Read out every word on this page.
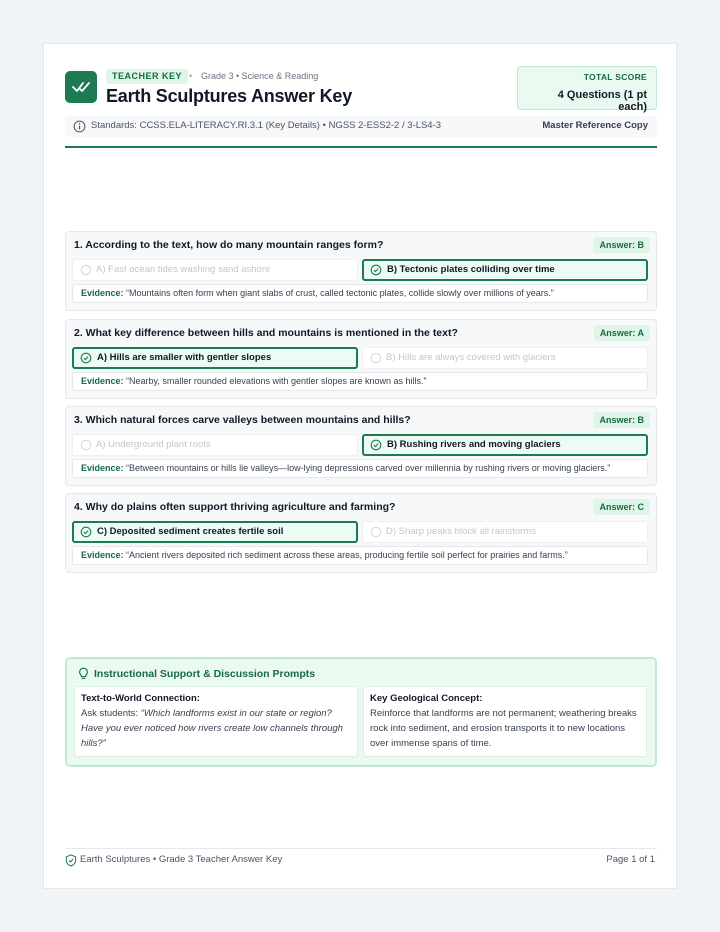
TEACHER KEY • Grade 3 • Science & Reading
Earth Sculptures Answer Key
TOTAL SCORE
4 Questions (1 pt each)
Standards: CCSS.ELA-LITERACY.RI.3.1 (Key Details) • NGSS 2-ESS2-2 / 3-LS4-3	Master Reference Copy
1. According to the text, how do many mountain ranges form?	Answer: B
A) Fast ocean tides washing sand ashore	B) Tectonic plates colliding over time
Evidence: “Mountains often form when giant slabs of crust, called tectonic plates, collide slowly over millions of years.”
2. What key difference between hills and mountains is mentioned in the text?	Answer: A
A) Hills are smaller with gentler slopes	B) Hills are always covered with glaciers
Evidence: “Nearby, smaller rounded elevations with gentler slopes are known as hills.”
3. Which natural forces carve valleys between mountains and hills?	Answer: B
A) Underground plant roots	B) Rushing rivers and moving glaciers
Evidence: “Between mountains or hills lie valleys—low-lying depressions carved over millennia by rushing rivers or moving glaciers.”
4. Why do plains often support thriving agriculture and farming?	Answer: C
C) Deposited sediment creates fertile soil	D) Sharp peaks block all rainstorms
Evidence: “Ancient rivers deposited rich sediment across these areas, producing fertile soil perfect for prairies and farms.”
Instructional Support & Discussion Prompts
Text-to-World Connection:
Ask students: “Which landforms exist in our state or region? Have you ever noticed how rivers create low channels through hills?”
Key Geological Concept:
Reinforce that landforms are not permanent; weathering breaks rock into sediment, and erosion transports it to new locations over immense spans of time.
Earth Sculptures • Grade 3 Teacher Answer Key	Page 1 of 1
